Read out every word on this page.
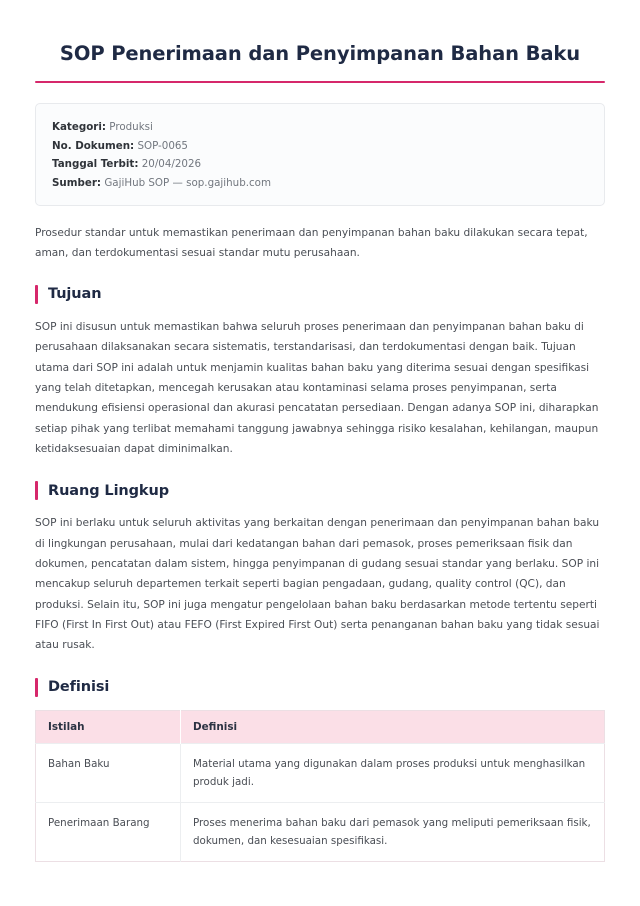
SOP Penerimaan dan Penyimpanan Bahan Baku
Kategori: Produksi
No. Dokumen: SOP-0065
Tanggal Terbit: 20/04/2026
Sumber: GajiHub SOP — sop.gajihub.com

Prosedur standar untuk memastikan penerimaan dan penyimpanan bahan baku dilakukan secara tepat, aman, dan terdokumentasi sesuai standar mutu perusahaan.

Tujuan

SOP ini disusun untuk memastikan bahwa seluruh proses penerimaan dan penyimpanan bahan baku di perusahaan dilaksanakan secara sistematis, terstandarisasi, dan terdokumentasi dengan baik. Tujuan utama dari SOP ini adalah untuk menjamin kualitas bahan baku yang diterima sesuai dengan spesifikasi yang telah ditetapkan, mencegah kerusakan atau kontaminasi selama proses penyimpanan, serta mendukung efisiensi operasional dan akurasi pencatatan persediaan. Dengan adanya SOP ini, diharapkan setiap pihak yang terlibat memahami tanggung jawabnya sehingga risiko kesalahan, kehilangan, maupun ketidaksesuaian dapat diminimalkan.

Ruang Lingkup

SOP ini berlaku untuk seluruh aktivitas yang berkaitan dengan penerimaan dan penyimpanan bahan baku di lingkungan perusahaan, mulai dari kedatangan bahan dari pemasok, proses pemeriksaan fisik dan dokumen, pencatatan dalam sistem, hingga penyimpanan di gudang sesuai standar yang berlaku. SOP ini mencakup seluruh departemen terkait seperti bagian pengadaan, gudang, quality control (QC), dan produksi. Selain itu, SOP ini juga mengatur pengelolaan bahan baku berdasarkan metode tertentu seperti FIFO (First In First Out) atau FEFO (First Expired First Out) serta penanganan bahan baku yang tidak sesuai atau rusak.

Definisi
Istilah	Definisi
Bahan Baku	Material utama yang digunakan dalam proses produksi untuk menghasilkan produk jadi.
Penerimaan Barang	Proses menerima bahan baku dari pemasok yang meliputi pemeriksaan fisik, dokumen, dan kesesuaian spesifikasi.
